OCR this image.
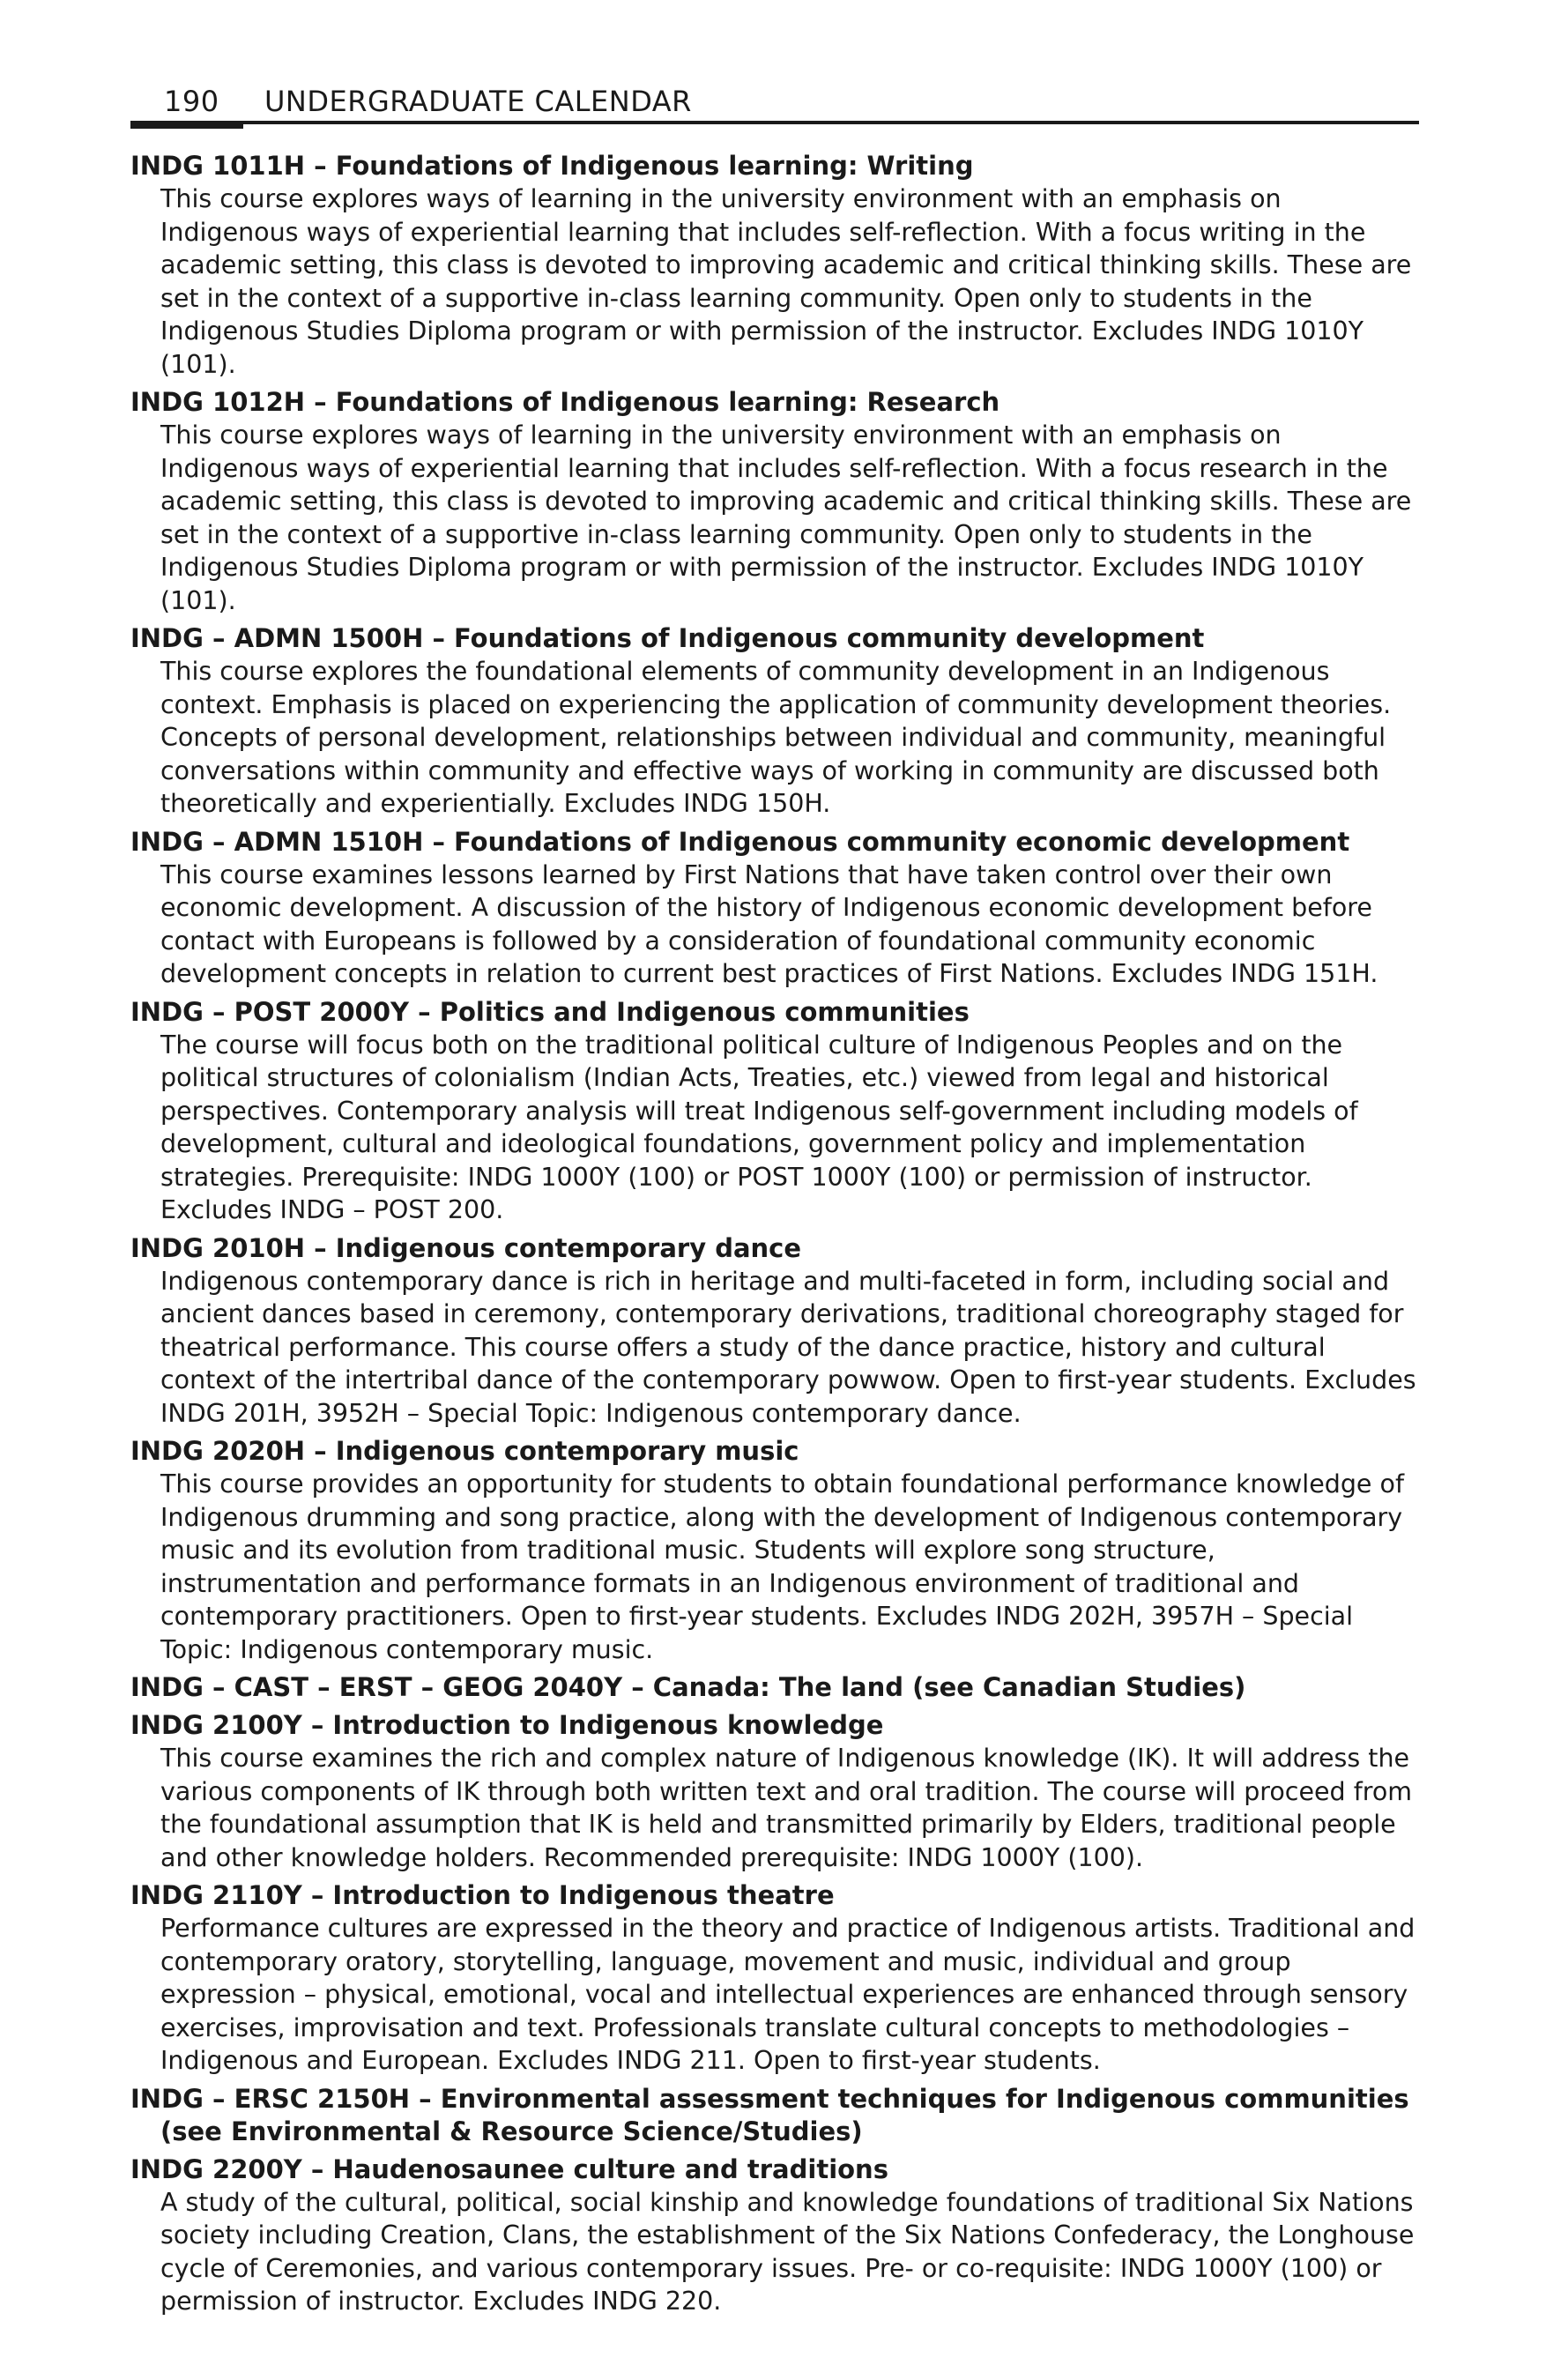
190 UNDERGRADUATE CALENDAR
INDG 1011H – Foundations of Indigenous learning: Writing
This course explores ways of learning in the university environment with an emphasis on Indigenous ways of experiential learning that includes self-reflection. With a focus writing in the academic setting, this class is devoted to improving academic and critical thinking skills. These are set in the context of a supportive in-class learning community. Open only to students in the Indigenous Studies Diploma program or with permission of the instructor. Excludes INDG 1010Y (101).
INDG 1012H – Foundations of Indigenous learning: Research
This course explores ways of learning in the university environment with an emphasis on Indigenous ways of experiential learning that includes self-reflection. With a focus research in the academic setting, this class is devoted to improving academic and critical thinking skills. These are set in the context of a supportive in-class learning community. Open only to students in the Indigenous Studies Diploma program or with permission of the instructor. Excludes INDG 1010Y (101).
INDG – ADMN 1500H – Foundations of Indigenous community development
This course explores the foundational elements of community development in an Indigenous context. Emphasis is placed on experiencing the application of community development theories. Concepts of personal development, relationships between individual and community, meaningful conversations within community and effective ways of working in community are discussed both theoretically and experientially. Excludes INDG 150H.
INDG – ADMN 1510H – Foundations of Indigenous community economic development
This course examines lessons learned by First Nations that have taken control over their own economic development. A discussion of the history of Indigenous economic development before contact with Europeans is followed by a consideration of foundational community economic development concepts in relation to current best practices of First Nations. Excludes INDG 151H.
INDG – POST 2000Y – Politics and Indigenous communities
The course will focus both on the traditional political culture of Indigenous Peoples and on the political structures of colonialism (Indian Acts, Treaties, etc.) viewed from legal and historical perspectives. Contemporary analysis will treat Indigenous self-government including models of development, cultural and ideological foundations, government policy and implementation strategies. Prerequisite: INDG 1000Y (100) or POST 1000Y (100) or permission of instructor. Excludes INDG – POST 200.
INDG 2010H – Indigenous contemporary dance
Indigenous contemporary dance is rich in heritage and multi-faceted in form, including social and ancient dances based in ceremony, contemporary derivations, traditional choreography staged for theatrical performance. This course offers a study of the dance practice, history and cultural context of the intertribal dance of the contemporary powwow. Open to first-year students. Excludes INDG 201H, 3952H – Special Topic: Indigenous contemporary dance.
INDG 2020H – Indigenous contemporary music
This course provides an opportunity for students to obtain foundational performance knowledge of Indigenous drumming and song practice, along with the development of Indigenous contemporary music and its evolution from traditional music. Students will explore song structure, instrumentation and performance formats in an Indigenous environment of traditional and contemporary practitioners. Open to first-year students. Excludes INDG 202H, 3957H – Special Topic: Indigenous contemporary music.
INDG – CAST – ERST – GEOG 2040Y – Canada: The land (see Canadian Studies)
INDG 2100Y – Introduction to Indigenous knowledge
This course examines the rich and complex nature of Indigenous knowledge (IK). It will address the various components of IK through both written text and oral tradition. The course will proceed from the foundational assumption that IK is held and transmitted primarily by Elders, traditional people and other knowledge holders. Recommended prerequisite: INDG 1000Y (100).
INDG 2110Y – Introduction to Indigenous theatre
Performance cultures are expressed in the theory and practice of Indigenous artists. Traditional and contemporary oratory, storytelling, language, movement and music, individual and group expression – physical, emotional, vocal and intellectual experiences are enhanced through sensory exercises, improvisation and text. Professionals translate cultural concepts to methodologies – Indigenous and European. Excludes INDG 211. Open to first-year students.
INDG – ERSC 2150H – Environmental assessment techniques for Indigenous communities (see Environmental & Resource Science/Studies)
INDG 2200Y – Haudenosaunee culture and traditions
A study of the cultural, political, social kinship and knowledge foundations of traditional Six Nations society including Creation, Clans, the establishment of the Six Nations Confederacy, the Longhouse cycle of Ceremonies, and various contemporary issues. Pre- or co-requisite: INDG 1000Y (100) or permission of instructor. Excludes INDG 220.
